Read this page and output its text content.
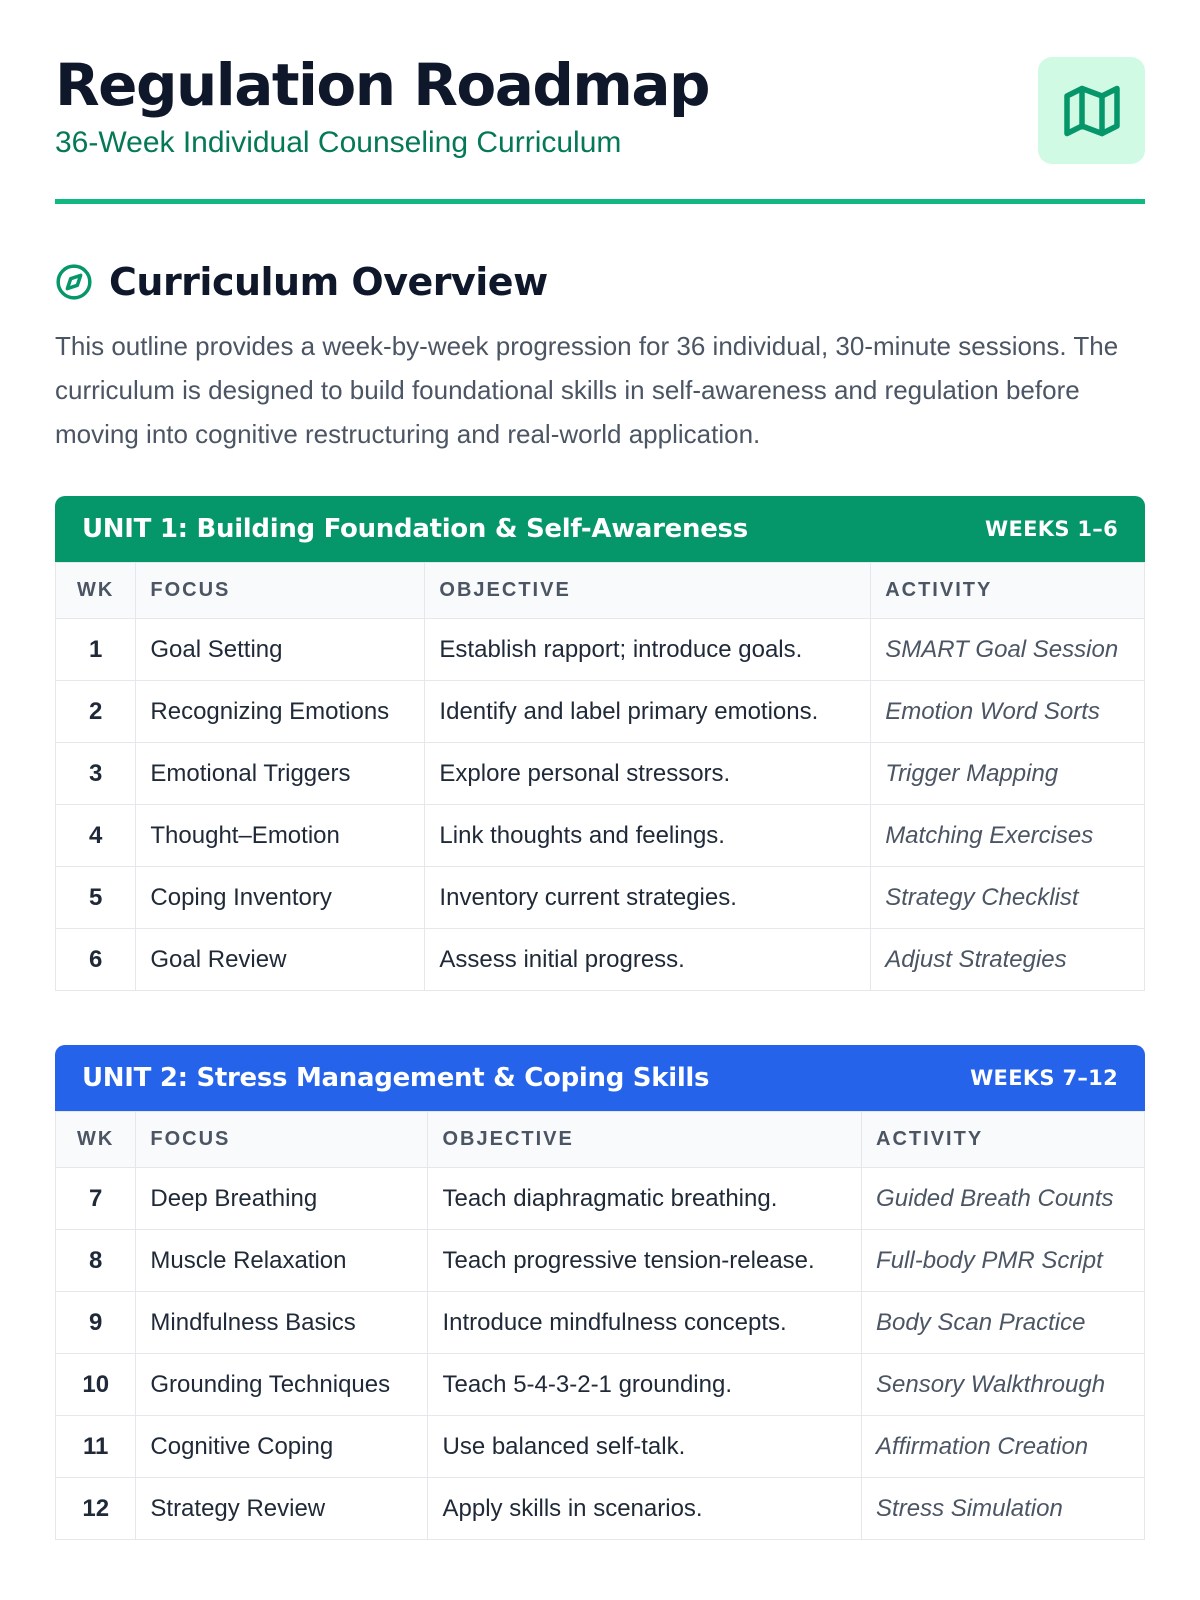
Regulation Roadmap
36-Week Individual Counseling Curriculum
Curriculum Overview

This outline provides a week-by-week progression for 36 individual, 30-minute sessions. The curriculum is designed to build foundational skills in self-awareness and regulation before moving into cognitive restructuring and real-world application.

UNIT 1: Building Foundation & Self-Awareness	WEEKS 1–6
WK	FOCUS	OBJECTIVE	ACTIVITY
1	Goal Setting	Establish rapport; introduce goals.	SMART Goal Session
2	Recognizing Emotions	Identify and label primary emotions.	Emotion Word Sorts
3	Emotional Triggers	Explore personal stressors.	Trigger Mapping
4	Thought–Emotion	Link thoughts and feelings.	Matching Exercises
5	Coping Inventory	Inventory current strategies.	Strategy Checklist
6	Goal Review	Assess initial progress.	Adjust Strategies
UNIT 2: Stress Management & Coping Skills	WEEKS 7–12
WK	FOCUS	OBJECTIVE	ACTIVITY
7	Deep Breathing	Teach diaphragmatic breathing.	Guided Breath Counts
8	Muscle Relaxation	Teach progressive tension-release.	Full-body PMR Script
9	Mindfulness Basics	Introduce mindfulness concepts.	Body Scan Practice
10	Grounding Techniques	Teach 5-4-3-2-1 grounding.	Sensory Walkthrough
11	Cognitive Coping	Use balanced self-talk.	Affirmation Creation
12	Strategy Review	Apply skills in scenarios.	Stress Simulation
